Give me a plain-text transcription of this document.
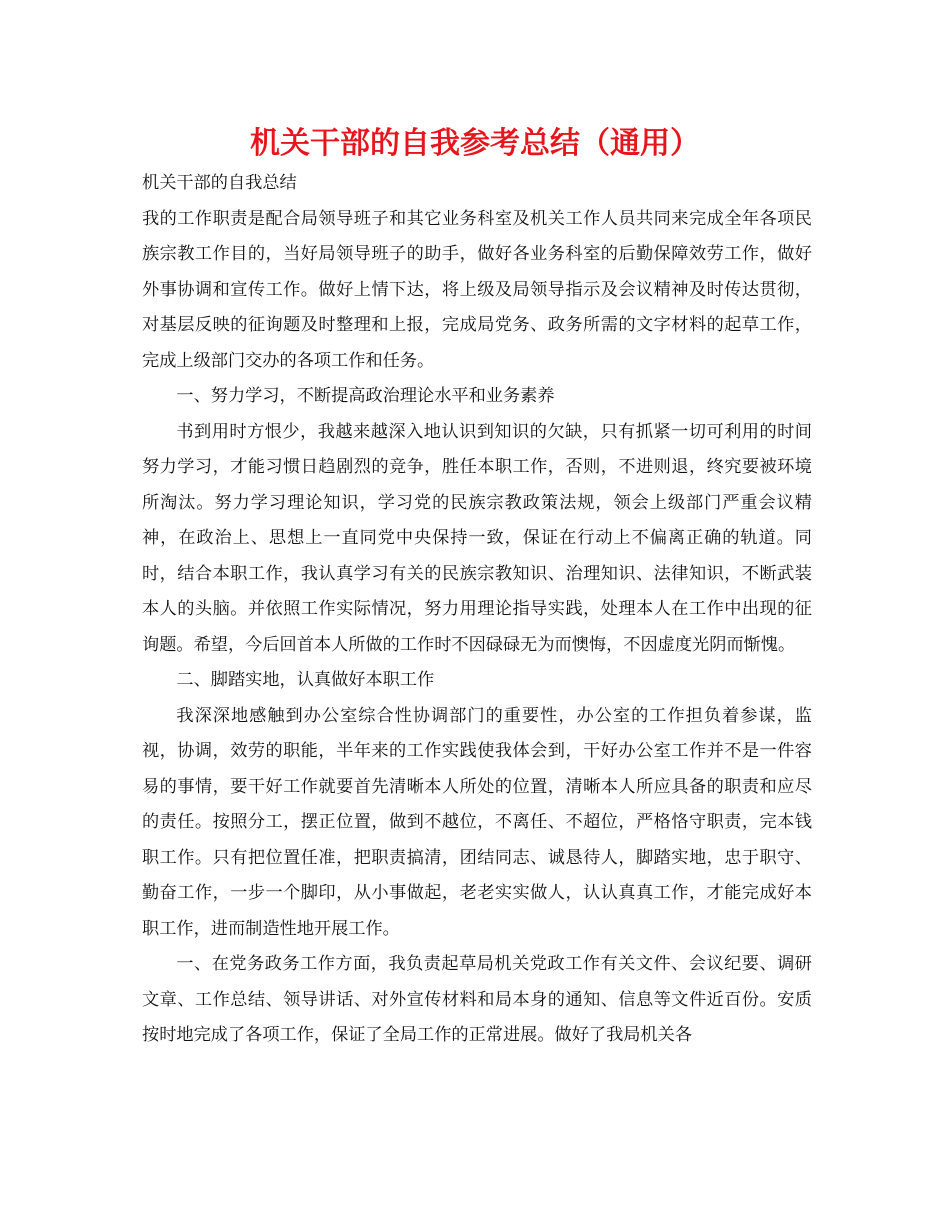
机关干部的自我参考总结（通用）

机关干部的自我总结

我的工作职责是配合局领导班子和其它业务科室及机关工作人员共同来完成全年各项民族宗教工作目的，当好局领导班子的助手，做好各业务科室的后勤保障效劳工作，做好外事协调和宣传工作。做好上情下达，将上级及局领导指示及会议精神及时传达贯彻，对基层反映的征询题及时整理和上报，完成局党务、政务所需的文字材料的起草工作，完成上级部门交办的各项工作和任务。

一、努力学习，不断提高政治理论水平和业务素养

书到用时方恨少，我越来越深入地认识到知识的欠缺，只有抓紧一切可利用的时间努力学习，才能习惯日趋剧烈的竞争，胜任本职工作，否则，不进则退，终究要被环境所淘汰。努力学习理论知识，学习党的民族宗教政策法规，领会上级部门严重会议精神，在政治上、思想上一直同党中央保持一致，保证在行动上不偏离正确的轨道。同时，结合本职工作，我认真学习有关的民族宗教知识、治理知识、法律知识，不断武装本人的头脑。并依照工作实际情况，努力用理论指导实践，处理本人在工作中出现的征询题。希望，今后回首本人所做的工作时不因碌碌无为而懊悔，不因虚度光阴而惭愧。

二、脚踏实地，认真做好本职工作

我深深地感触到办公室综合性协调部门的重要性，办公室的工作担负着参谋，监视，协调，效劳的职能，半年来的工作实践使我体会到，干好办公室工作并不是一件容易的事情，要干好工作就要首先清晰本人所处的位置，清晰本人所应具备的职责和应尽的责任。按照分工，摆正位置，做到不越位，不离任、不超位，严格恪守职责，完本钱职工作。只有把位置任准，把职责搞清，团结同志、诚恳待人，脚踏实地，忠于职守、勤奋工作，一步一个脚印，从小事做起，老老实实做人，认认真真工作，才能完成好本职工作，进而制造性地开展工作。

一、在党务政务工作方面，我负责起草局机关党政工作有关文件、会议纪要、调研文章、工作总结、领导讲话、对外宣传材料和局本身的通知、信息等文件近百份。安质按时地完成了各项工作，保证了全局工作的正常进展。做好了我局机关各
